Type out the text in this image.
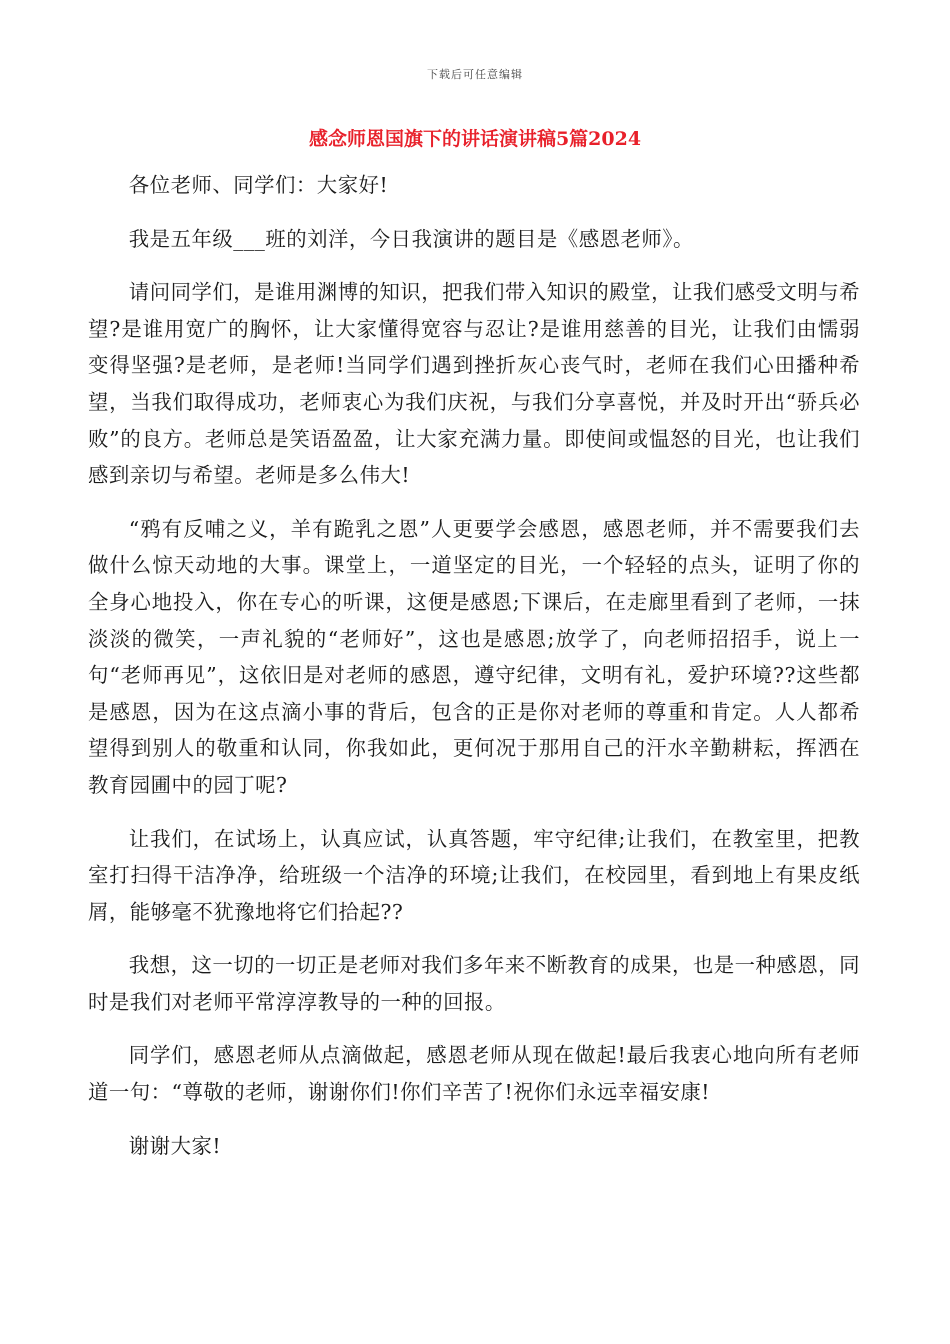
下载后可任意编辑
感念师恩国旗下的讲话演讲稿5篇2024

各位老师、同学们：大家好!

我是五年级___班的刘洋，今日我演讲的题目是《感恩老师》。

请问同学们，是谁用渊博的知识，把我们带入知识的殿堂，让我们感受文明与希望?是谁用宽广的胸怀，让大家懂得宽容与忍让?是谁用慈善的目光，让我们由懦弱变得坚强?是老师，是老师!当同学们遇到挫折灰心丧气时，老师在我们心田播种希望，当我们取得成功，老师衷心为我们庆祝，与我们分享喜悦，并及时开出“骄兵必败”的良方。老师总是笑语盈盈，让大家充满力量。即使间或愠怒的目光，也让我们感到亲切与希望。老师是多么伟大!

“鸦有反哺之义，羊有跪乳之恩”人更要学会感恩，感恩老师，并不需要我们去做什么惊天动地的大事。课堂上，一道坚定的目光，一个轻轻的点头，证明了你的全身心地投入，你在专心的听课，这便是感恩;下课后，在走廊里看到了老师，一抹淡淡的微笑，一声礼貌的“老师好”，这也是感恩;放学了，向老师招招手，说上一句“老师再见”，这依旧是对老师的感恩，遵守纪律，文明有礼，爱护环境??这些都是感恩，因为在这点滴小事的背后，包含的正是你对老师的尊重和肯定。人人都希望得到别人的敬重和认同，你我如此，更何况于那用自己的汗水辛勤耕耘，挥洒在教育园圃中的园丁呢?

让我们，在试场上，认真应试，认真答题，牢守纪律;让我们，在教室里，把教室打扫得干洁净净，给班级一个洁净的环境;让我们，在校园里，看到地上有果皮纸屑，能够毫不犹豫地将它们拾起??

我想，这一切的一切正是老师对我们多年来不断教育的成果，也是一种感恩，同时是我们对老师平常淳淳教导的一种的回报。

同学们，感恩老师从点滴做起，感恩老师从现在做起!最后我衷心地向所有老师道一句：“尊敬的老师，谢谢你们!你们辛苦了!祝你们永远幸福安康!

谢谢大家!
